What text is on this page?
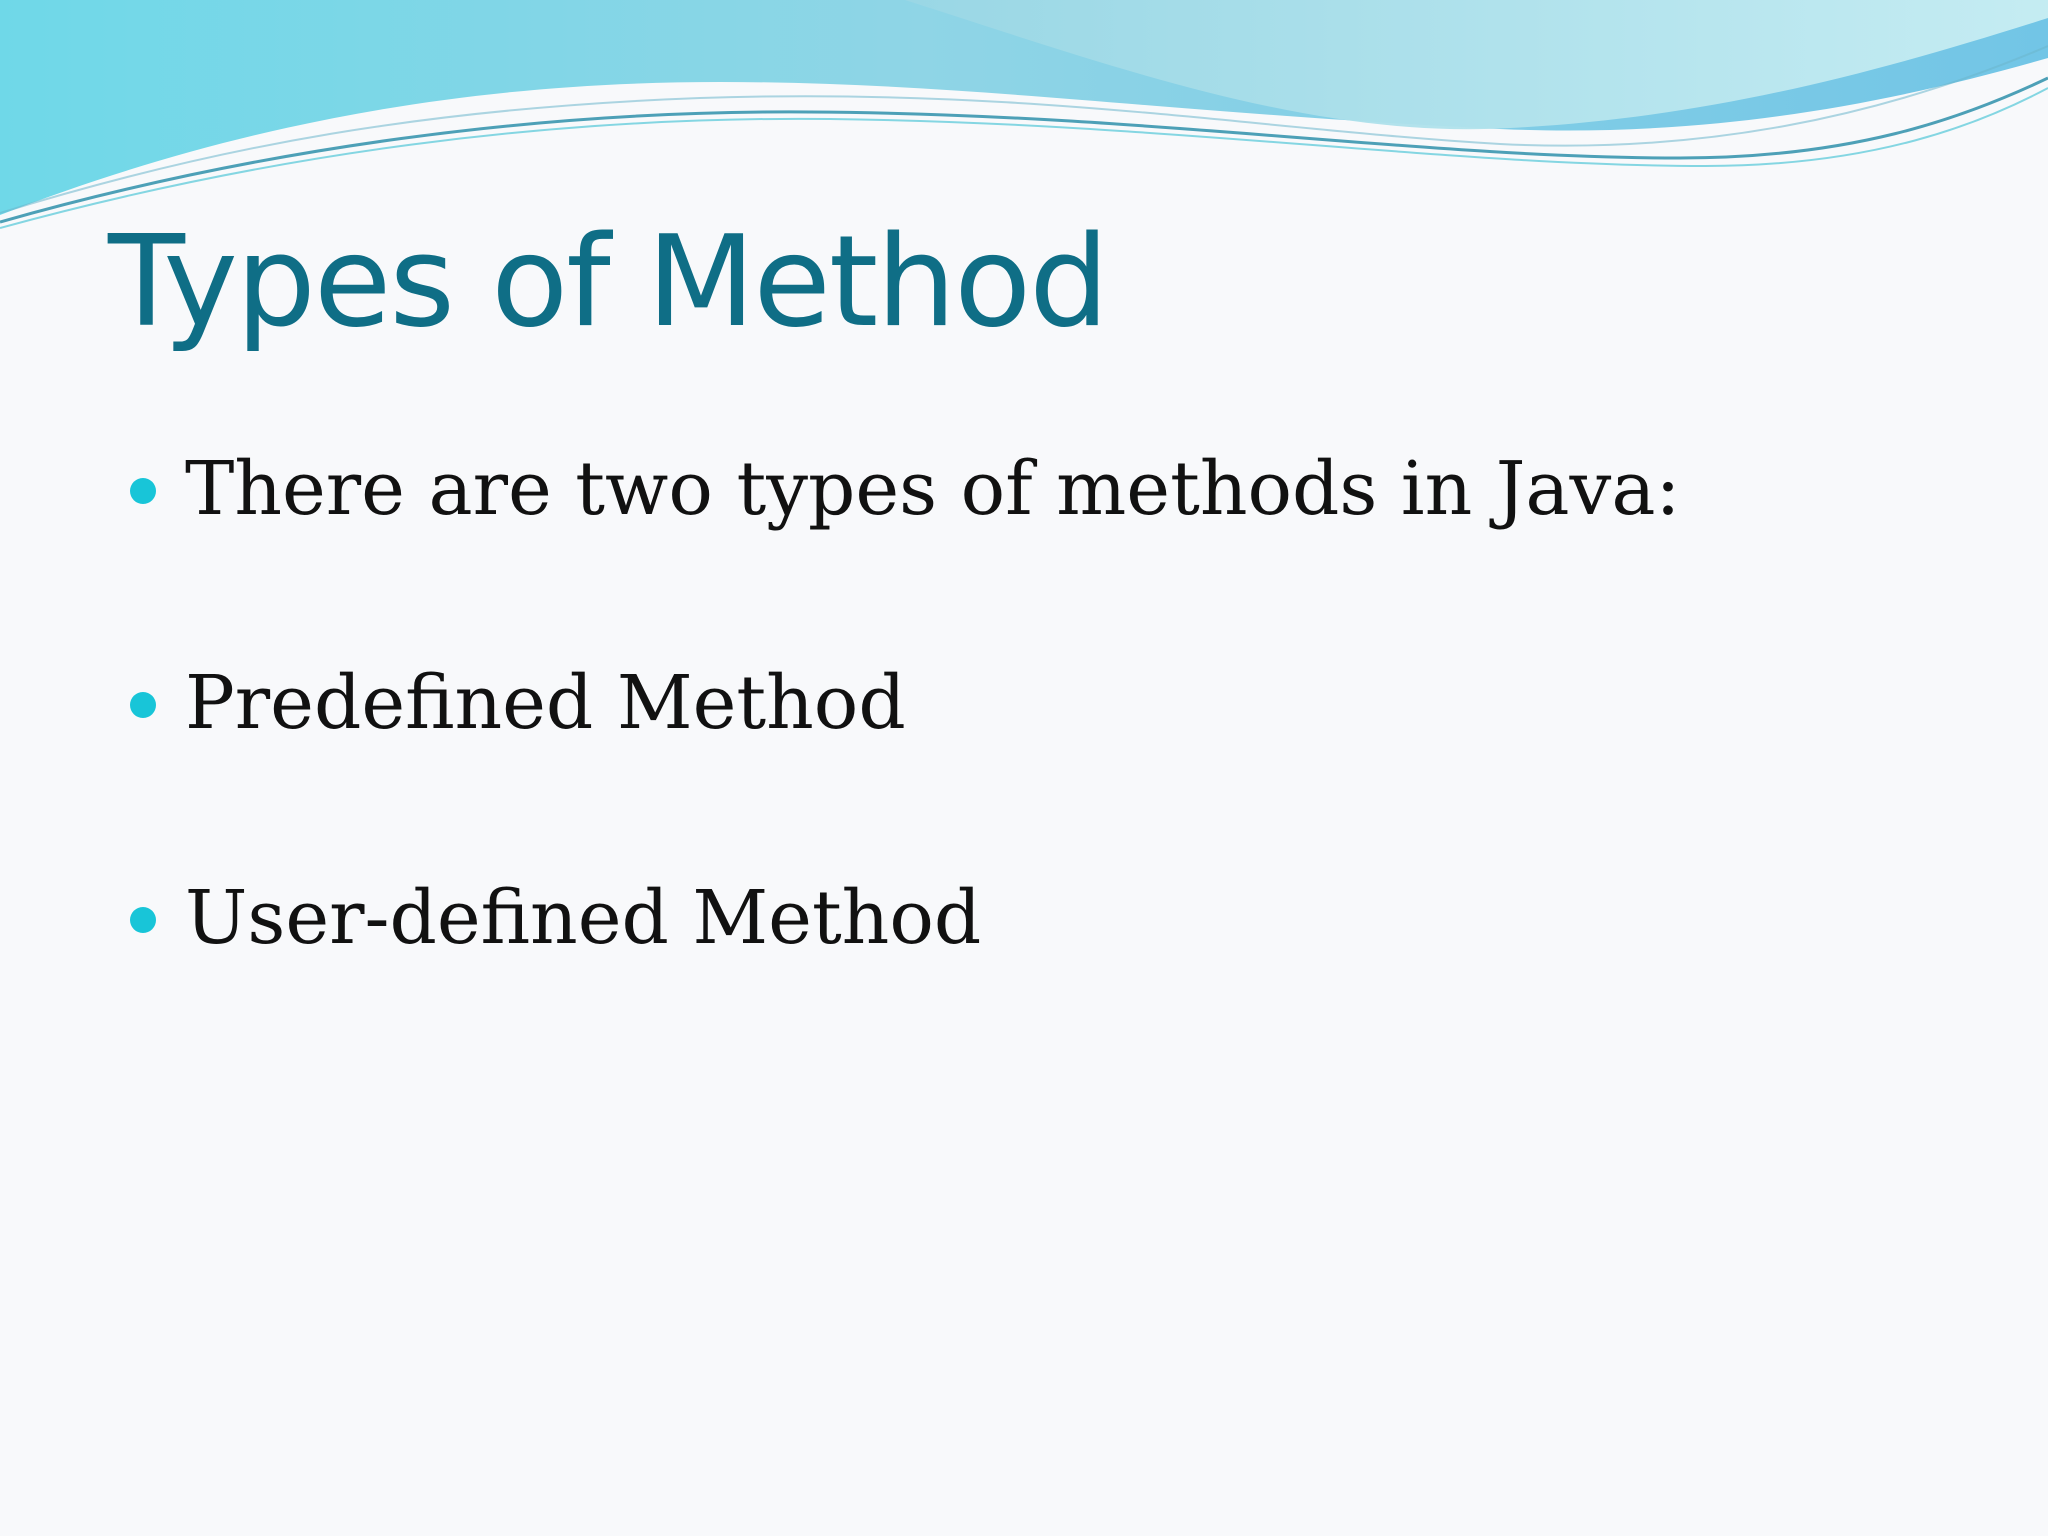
Types of Method
There are two types of methods in Java:
Predefined Method
User-defined Method
